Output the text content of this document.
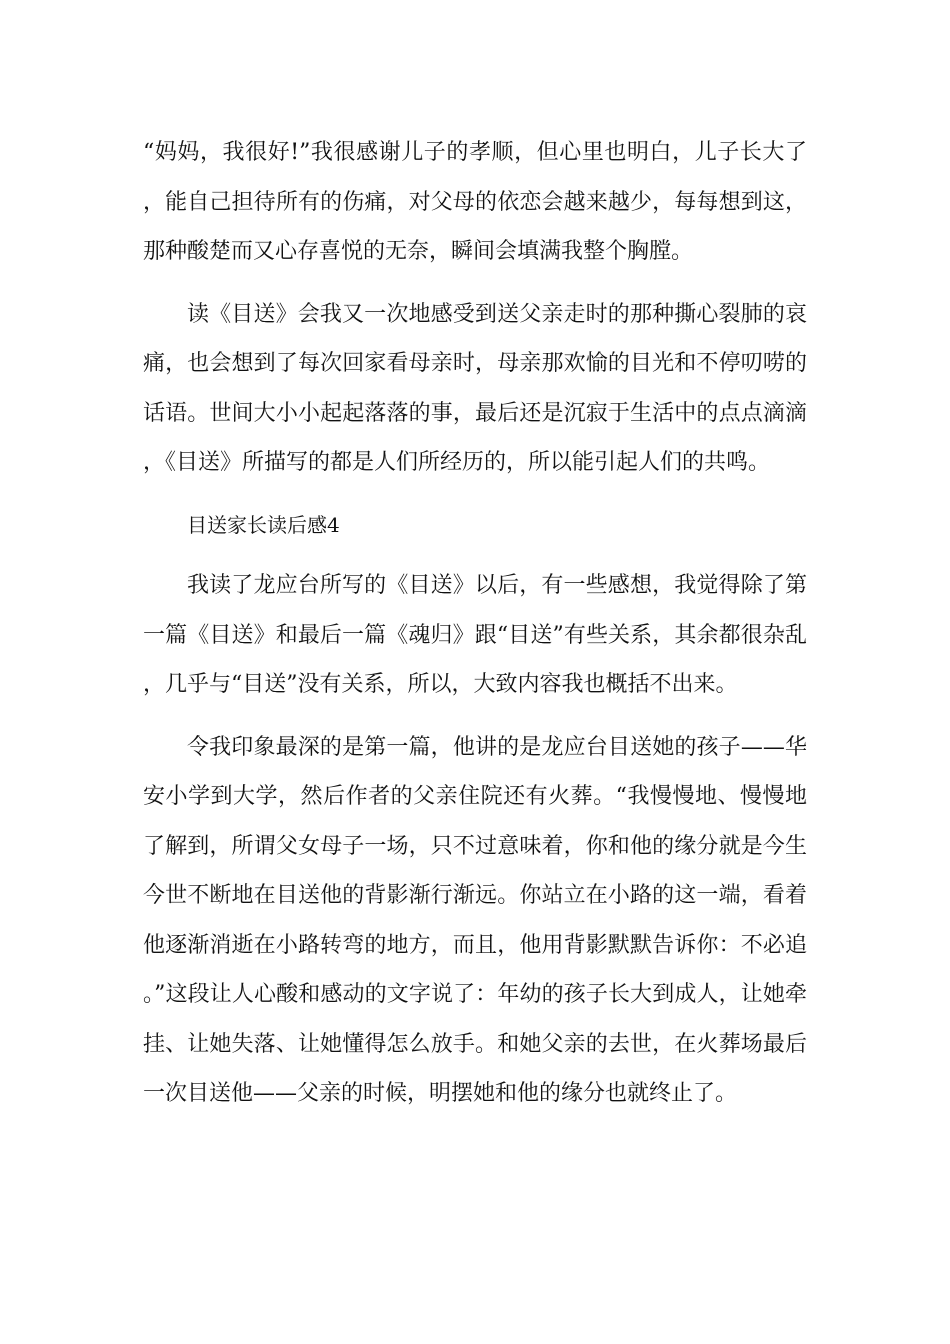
“妈妈，我很好!”我很感谢儿子的孝顺，但心里也明白，儿子长大了，能自己担待所有的伤痛，对父母的依恋会越来越少，每每想到这，那种酸楚而又心存喜悦的无奈，瞬间会填满我整个胸膛。

读《目送》会我又一次地感受到送父亲走时的那种撕心裂肺的哀痛，也会想到了每次回家看母亲时，母亲那欢愉的目光和不停叨唠的话语。世间大小小起起落落的事，最后还是沉寂于生活中的点点滴滴，《目送》所描写的都是人们所经历的，所以能引起人们的共鸣。

目送家长读后感4

我读了龙应台所写的《目送》以后，有一些感想，我觉得除了第一篇《目送》和最后一篇《魂归》跟“目送”有些关系，其余都很杂乱，几乎与“目送”没有关系，所以，大致内容我也概括不出来。

令我印象最深的是第一篇，他讲的是龙应台目送她的孩子——华安小学到大学，然后作者的父亲住院还有火葬。“我慢慢地、慢慢地了解到，所谓父女母子一场，只不过意味着，你和他的缘分就是今生今世不断地在目送他的背影渐行渐远。你站立在小路的这一端，看着他逐渐消逝在小路转弯的地方，而且，他用背影默默告诉你：不必追。”这段让人心酸和感动的文字说了：年幼的孩子长大到成人，让她牵挂、让她失落、让她懂得怎么放手。和她父亲的去世，在火葬场最后一次目送他——父亲的时候，明摆她和他的缘分也就终止了。
